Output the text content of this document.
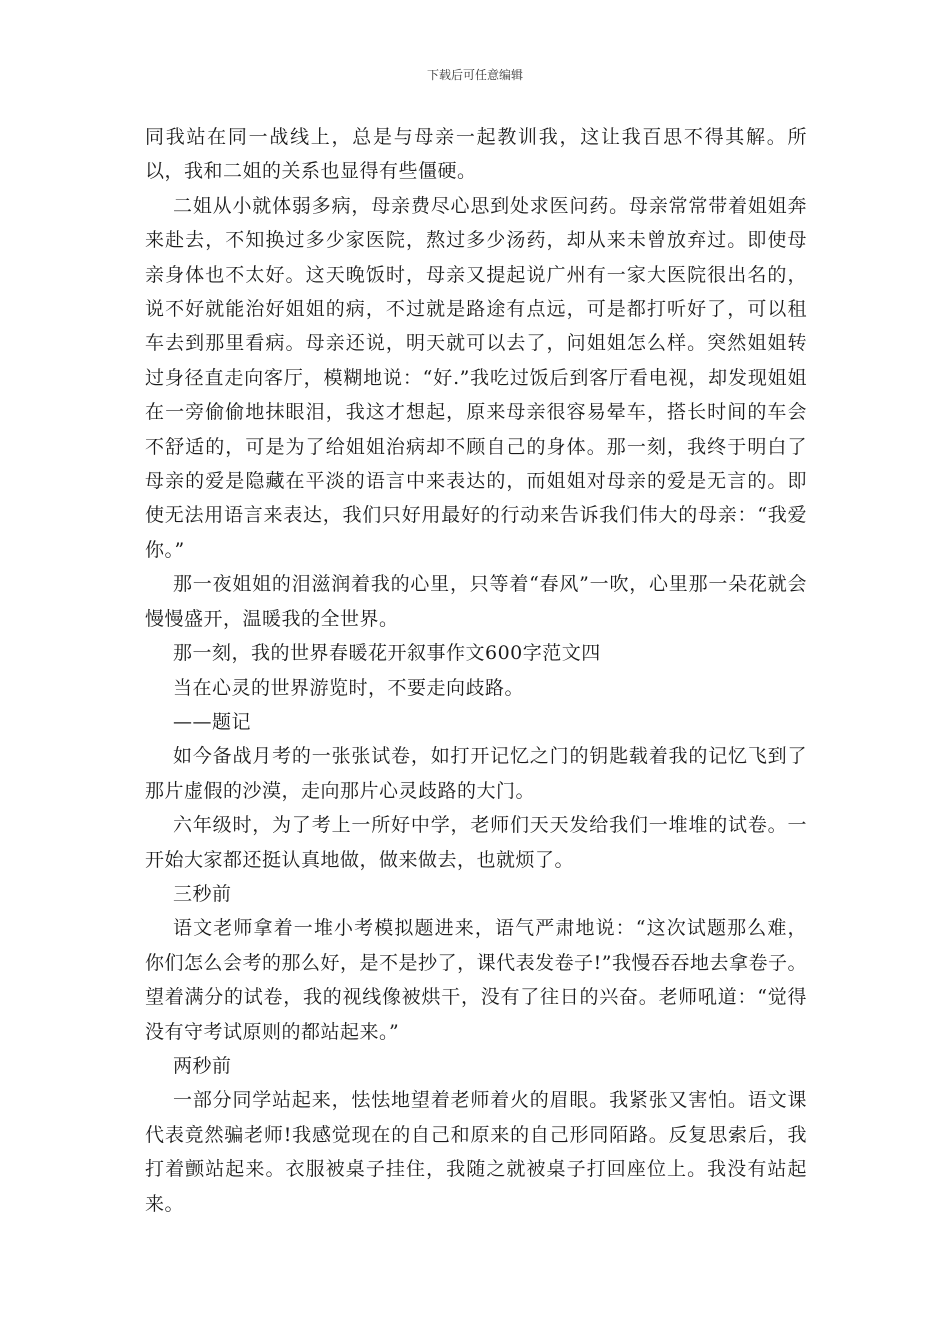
下载后可任意编辑

同我站在同一战线上，总是与母亲一起教训我，这让我百思不得其解。所以，我和二姐的关系也显得有些僵硬。

二姐从小就体弱多病，母亲费尽心思到处求医问药。母亲常常带着姐姐奔来赴去，不知换过多少家医院，熬过多少汤药，却从来未曾放弃过。即使母亲身体也不太好。这天晚饭时，母亲又提起说广州有一家大医院很出名的，说不好就能治好姐姐的病，不过就是路途有点远，可是都打听好了，可以租车去到那里看病。母亲还说，明天就可以去了，问姐姐怎么样。突然姐姐转过身径直走向客厅，模糊地说：“好.”我吃过饭后到客厅看电视，却发现姐姐在一旁偷偷地抹眼泪，我这才想起，原来母亲很容易晕车，搭长时间的车会不舒适的，可是为了给姐姐治病却不顾自己的身体。那一刻，我终于明白了母亲的爱是隐藏在平淡的语言中来表达的，而姐姐对母亲的爱是无言的。即使无法用语言来表达，我们只好用最好的行动来告诉我们伟大的母亲：“我爱你。”

那一夜姐姐的泪滋润着我的心里，只等着“春风”一吹，心里那一朵花就会慢慢盛开，温暖我的全世界。

那一刻，我的世界春暖花开叙事作文600字范文四

当在心灵的世界游览时，不要走向歧路。

——题记

如今备战月考的一张张试卷，如打开记忆之门的钥匙载着我的记忆飞到了那片虚假的沙漠，走向那片心灵歧路的大门。

六年级时，为了考上一所好中学，老师们天天发给我们一堆堆的试卷。一开始大家都还挺认真地做，做来做去，也就烦了。

三秒前

语文老师拿着一堆小考模拟题进来，语气严肃地说：“这次试题那么难，你们怎么会考的那么好，是不是抄了，课代表发卷子!”我慢吞吞地去拿卷子。望着满分的试卷，我的视线像被烘干，没有了往日的兴奋。老师吼道：“觉得没有守考试原则的都站起来。”

两秒前

一部分同学站起来，怯怯地望着老师着火的眉眼。我紧张又害怕。语文课代表竟然骗老师!我感觉现在的自己和原来的自己形同陌路。反复思索后，我打着颤站起来。衣服被桌子挂住，我随之就被桌子打回座位上。我没有站起来。
